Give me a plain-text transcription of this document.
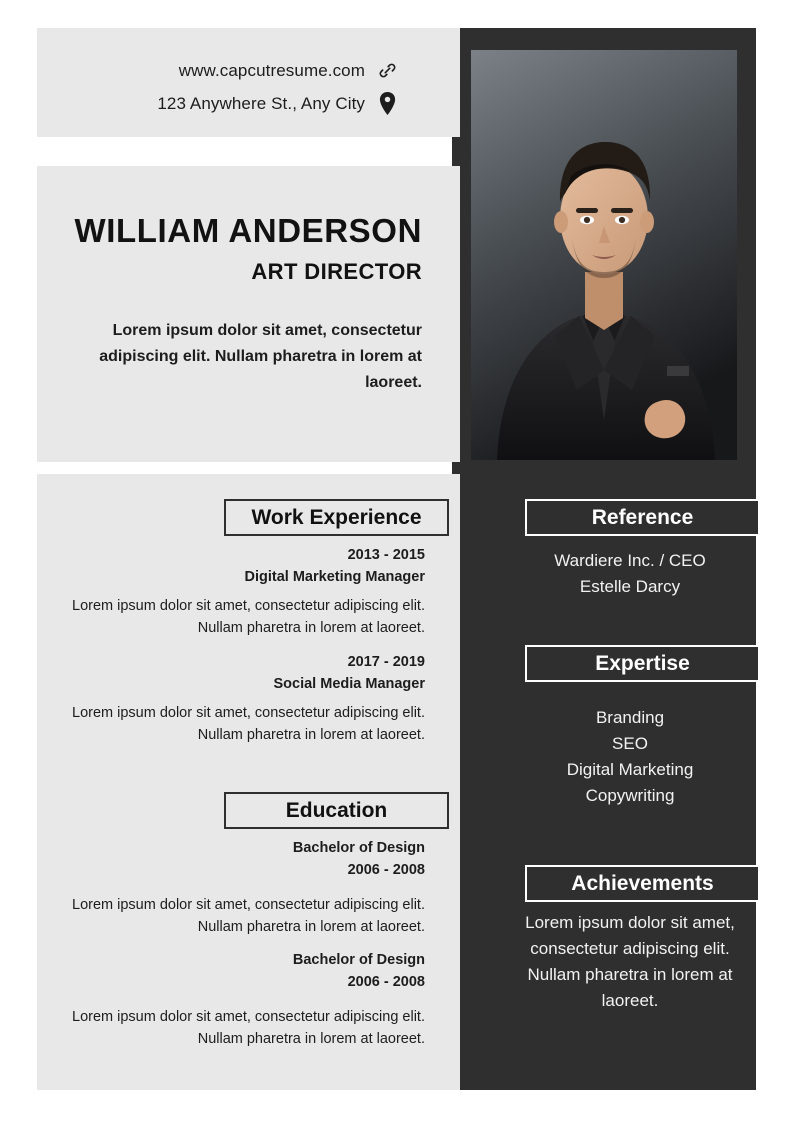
www.capcutresume.com
123 Anywhere St., Any City
WILLIAM ANDERSON
ART DIRECTOR
Lorem ipsum dolor sit amet, consectetur adipiscing elit. Nullam pharetra in lorem at laoreet.
Work Experience
2013 - 2015
Digital Marketing Manager
Lorem ipsum dolor sit amet, consectetur adipiscing elit. Nullam pharetra in lorem at laoreet.
2017 - 2019
Social Media Manager
Lorem ipsum dolor sit amet, consectetur adipiscing elit. Nullam pharetra in lorem at laoreet.
Education
Bachelor of Design
2006 - 2008
Lorem ipsum dolor sit amet, consectetur adipiscing elit. Nullam pharetra in lorem at laoreet.
Bachelor of Design
2006 - 2008
Lorem ipsum dolor sit amet, consectetur adipiscing elit. Nullam pharetra in lorem at laoreet.
Reference
Wardiere Inc. / CEO
Estelle Darcy
Expertise
Branding
SEO
Digital Marketing
Copywriting
Achievements
Lorem ipsum dolor sit amet, consectetur adipiscing elit. Nullam pharetra in lorem at laoreet.
